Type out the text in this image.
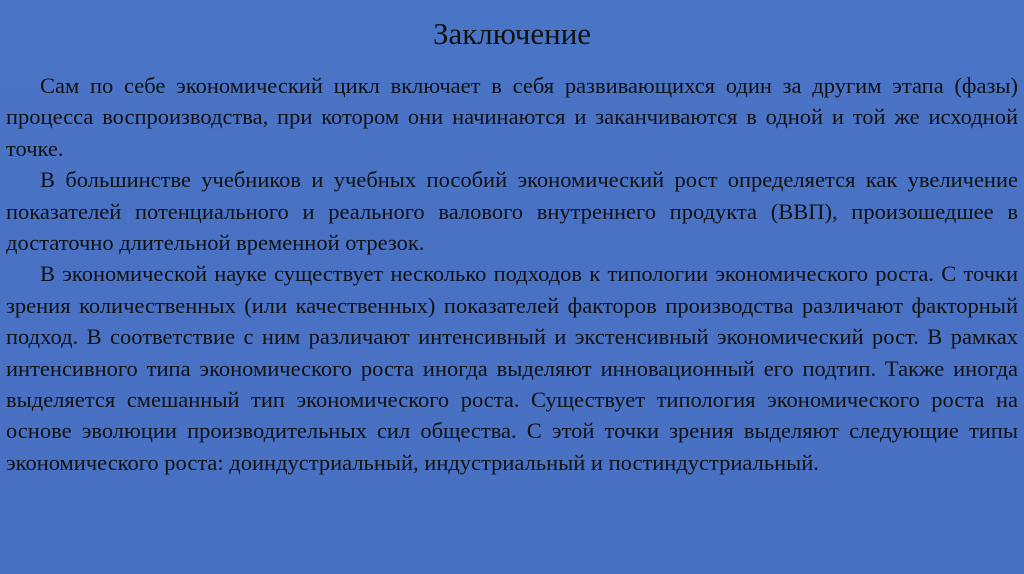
Заключение

Сам по себе экономический цикл включает в себя развивающихся один за другим этапа (фазы) процесса воспроизводства, при котором они начинаются и заканчиваются в одной и той же исходной точке.

В большинстве учебников и учебных пособий экономический рост определяется как увеличение показателей потенциального и реального валового внутреннего продукта (ВВП), произошедшее в достаточно длительной временной отрезок.

В экономической науке существует несколько подходов к типологии экономического роста. С точки зрения количественных (или качественных) показателей факторов производства различают факторный подход. В соответствие с ним различают интенсивный и экстенсивный экономический рост. В рамках интенсивного типа экономического роста иногда выделяют инновационный его подтип. Также иногда выделяется смешанный тип экономического роста. Существует типология экономического роста на основе эволюции производительных сил общества. С этой точки зрения выделяют следующие типы экономического роста: доиндустриальный, индустриальный и постиндустриальный.
